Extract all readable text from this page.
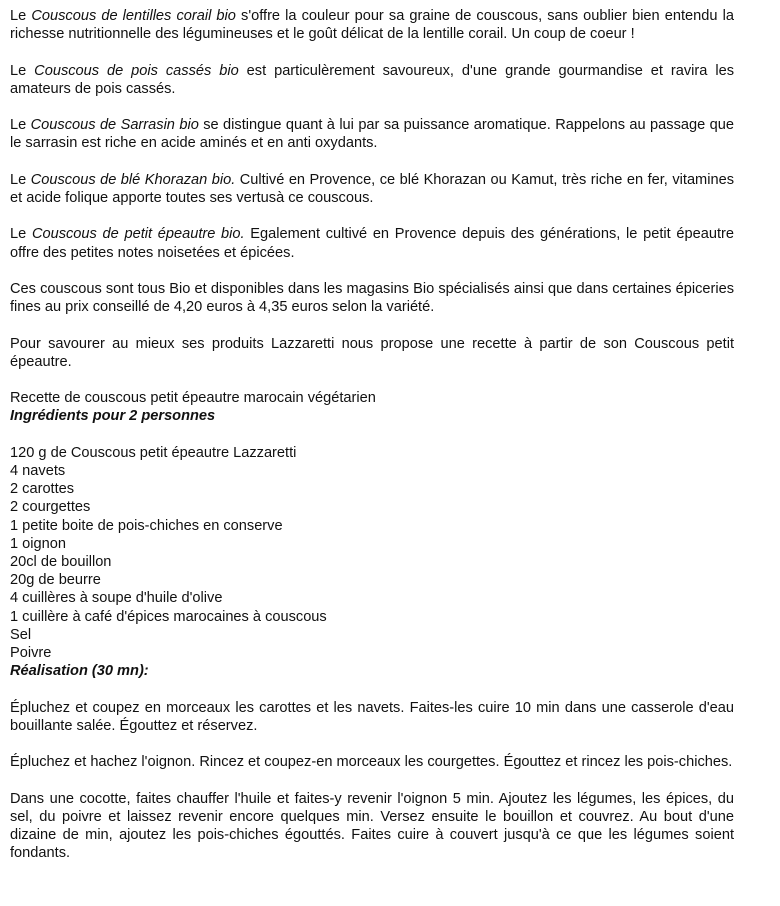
Le Couscous de lentilles corail bio s'offre la couleur pour sa graine de couscous, sans oublier bien entendu la richesse nutritionnelle des légumineuses et le goût délicat de la lentille corail. Un coup de coeur !

Le Couscous de pois cassés bio est particulèrement savoureux, d'une grande gourmandise et ravira les amateurs de pois cassés.

Le Couscous de Sarrasin bio se distingue quant à lui par sa puissance aromatique. Rappelons au passage que le sarrasin est riche en acide aminés et en anti oxydants.

Le Couscous de blé Khorazan bio. Cultivé en Provence, ce blé Khorazan ou Kamut, très riche en fer, vitamines et acide folique apporte toutes ses vertusà ce couscous.

Le Couscous de petit épeautre bio. Egalement cultivé en Provence depuis des générations, le petit épeautre offre des petites notes noisetées et épicées.

Ces couscous sont tous Bio et disponibles dans les magasins Bio spécialisés ainsi que dans certaines épiceries fines au prix conseillé de 4,20 euros à 4,35 euros selon la variété.

Pour savourer au mieux ses produits Lazzaretti nous propose une recette à partir de son Couscous petit épeautre.

Recette de couscous petit épeautre marocain végétarien
Ingrédients pour 2 personnes
120 g de Couscous petit épeautre Lazzaretti
4 navets
2 carottes
2 courgettes
1 petite boite de pois-chiches en conserve
1 oignon
20cl de bouillon
20g de beurre
4 cuillères à soupe d'huile d'olive
1 cuillère à café d'épices marocaines à couscous
Sel
Poivre
Réalisation (30 mn):

Épluchez et coupez en morceaux les carottes et les navets. Faites-les cuire 10 min dans une casserole d'eau bouillante salée. Égouttez et réservez.

Épluchez et hachez l'oignon. Rincez et coupez-en morceaux les courgettes. Égouttez et rincez les pois-chiches.

Dans une cocotte, faites chauffer l'huile et faites-y revenir l'oignon 5 min. Ajoutez les légumes, les épices, du sel, du poivre et laissez revenir encore quelques min. Versez ensuite le bouillon et couvrez. Au bout d'une dizaine de min, ajoutez les pois-chiches égouttés. Faites cuire à couvert jusqu'à ce que les légumes soient fondants.
